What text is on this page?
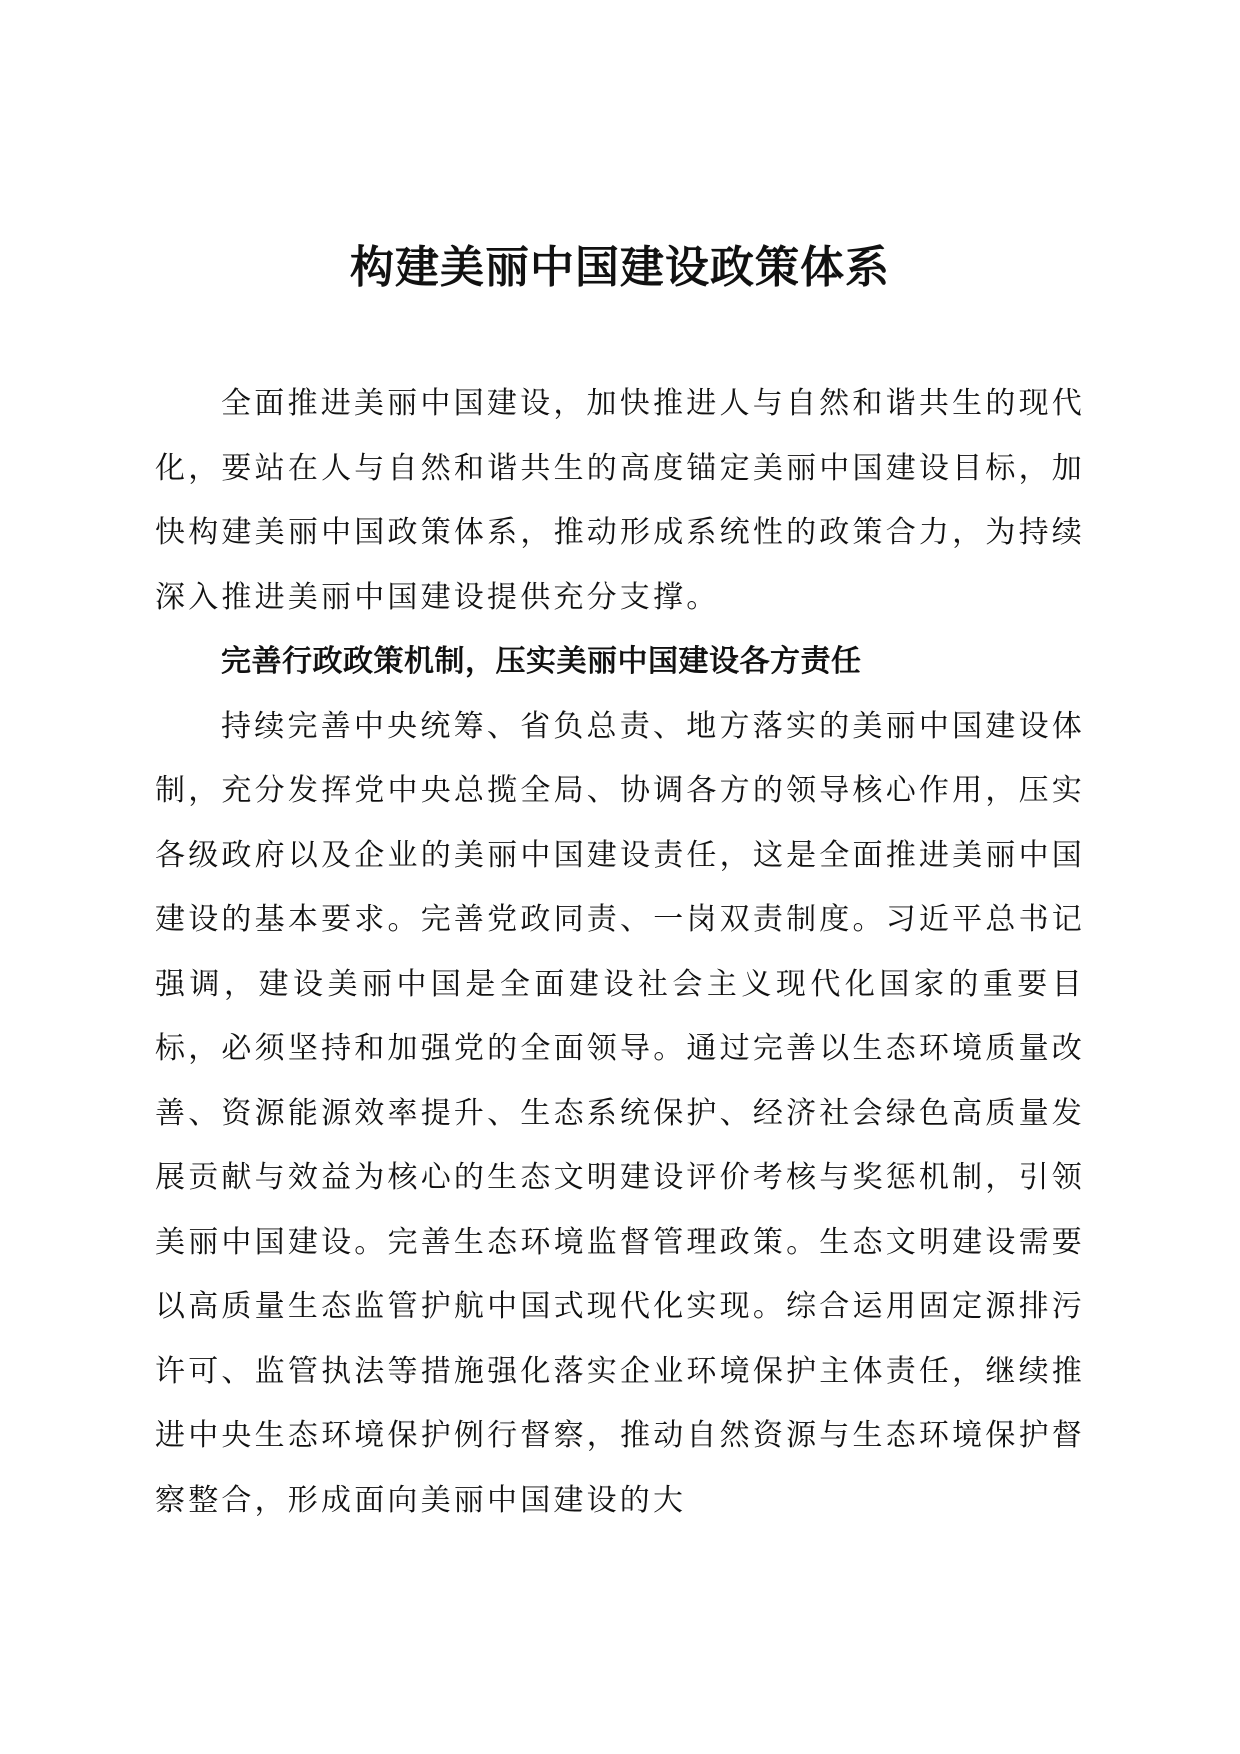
构建美丽中国建设政策体系

全面推进美丽中国建设，加快推进人与自然和谐共生的现代化，要站在人与自然和谐共生的高度锚定美丽中国建设目标，加快构建美丽中国政策体系，推动形成系统性的政策合力，为持续深入推进美丽中国建设提供充分支撑。

完善行政政策机制，压实美丽中国建设各方责任

持续完善中央统筹、省负总责、地方落实的美丽中国建设体制，充分发挥党中央总揽全局、协调各方的领导核心作用，压实各级政府以及企业的美丽中国建设责任，这是全面推进美丽中国建设的基本要求。完善党政同责、一岗双责制度。习近平总书记强调，建设美丽中国是全面建设社会主义现代化国家的重要目标，必须坚持和加强党的全面领导。通过完善以生态环境质量改善、资源能源效率提升、生态系统保护、经济社会绿色高质量发展贡献与效益为核心的生态文明建设评价考核与奖惩机制，引领美丽中国建设。完善生态环境监督管理政策。生态文明建设需要以高质量生态监管护航中国式现代化实现。综合运用固定源排污许可、监管执法等措施强化落实企业环境保护主体责任，继续推进中央生态环境保护例行督察，推动自然资源与生态环境保护督察整合，形成面向美丽中国建设的大
